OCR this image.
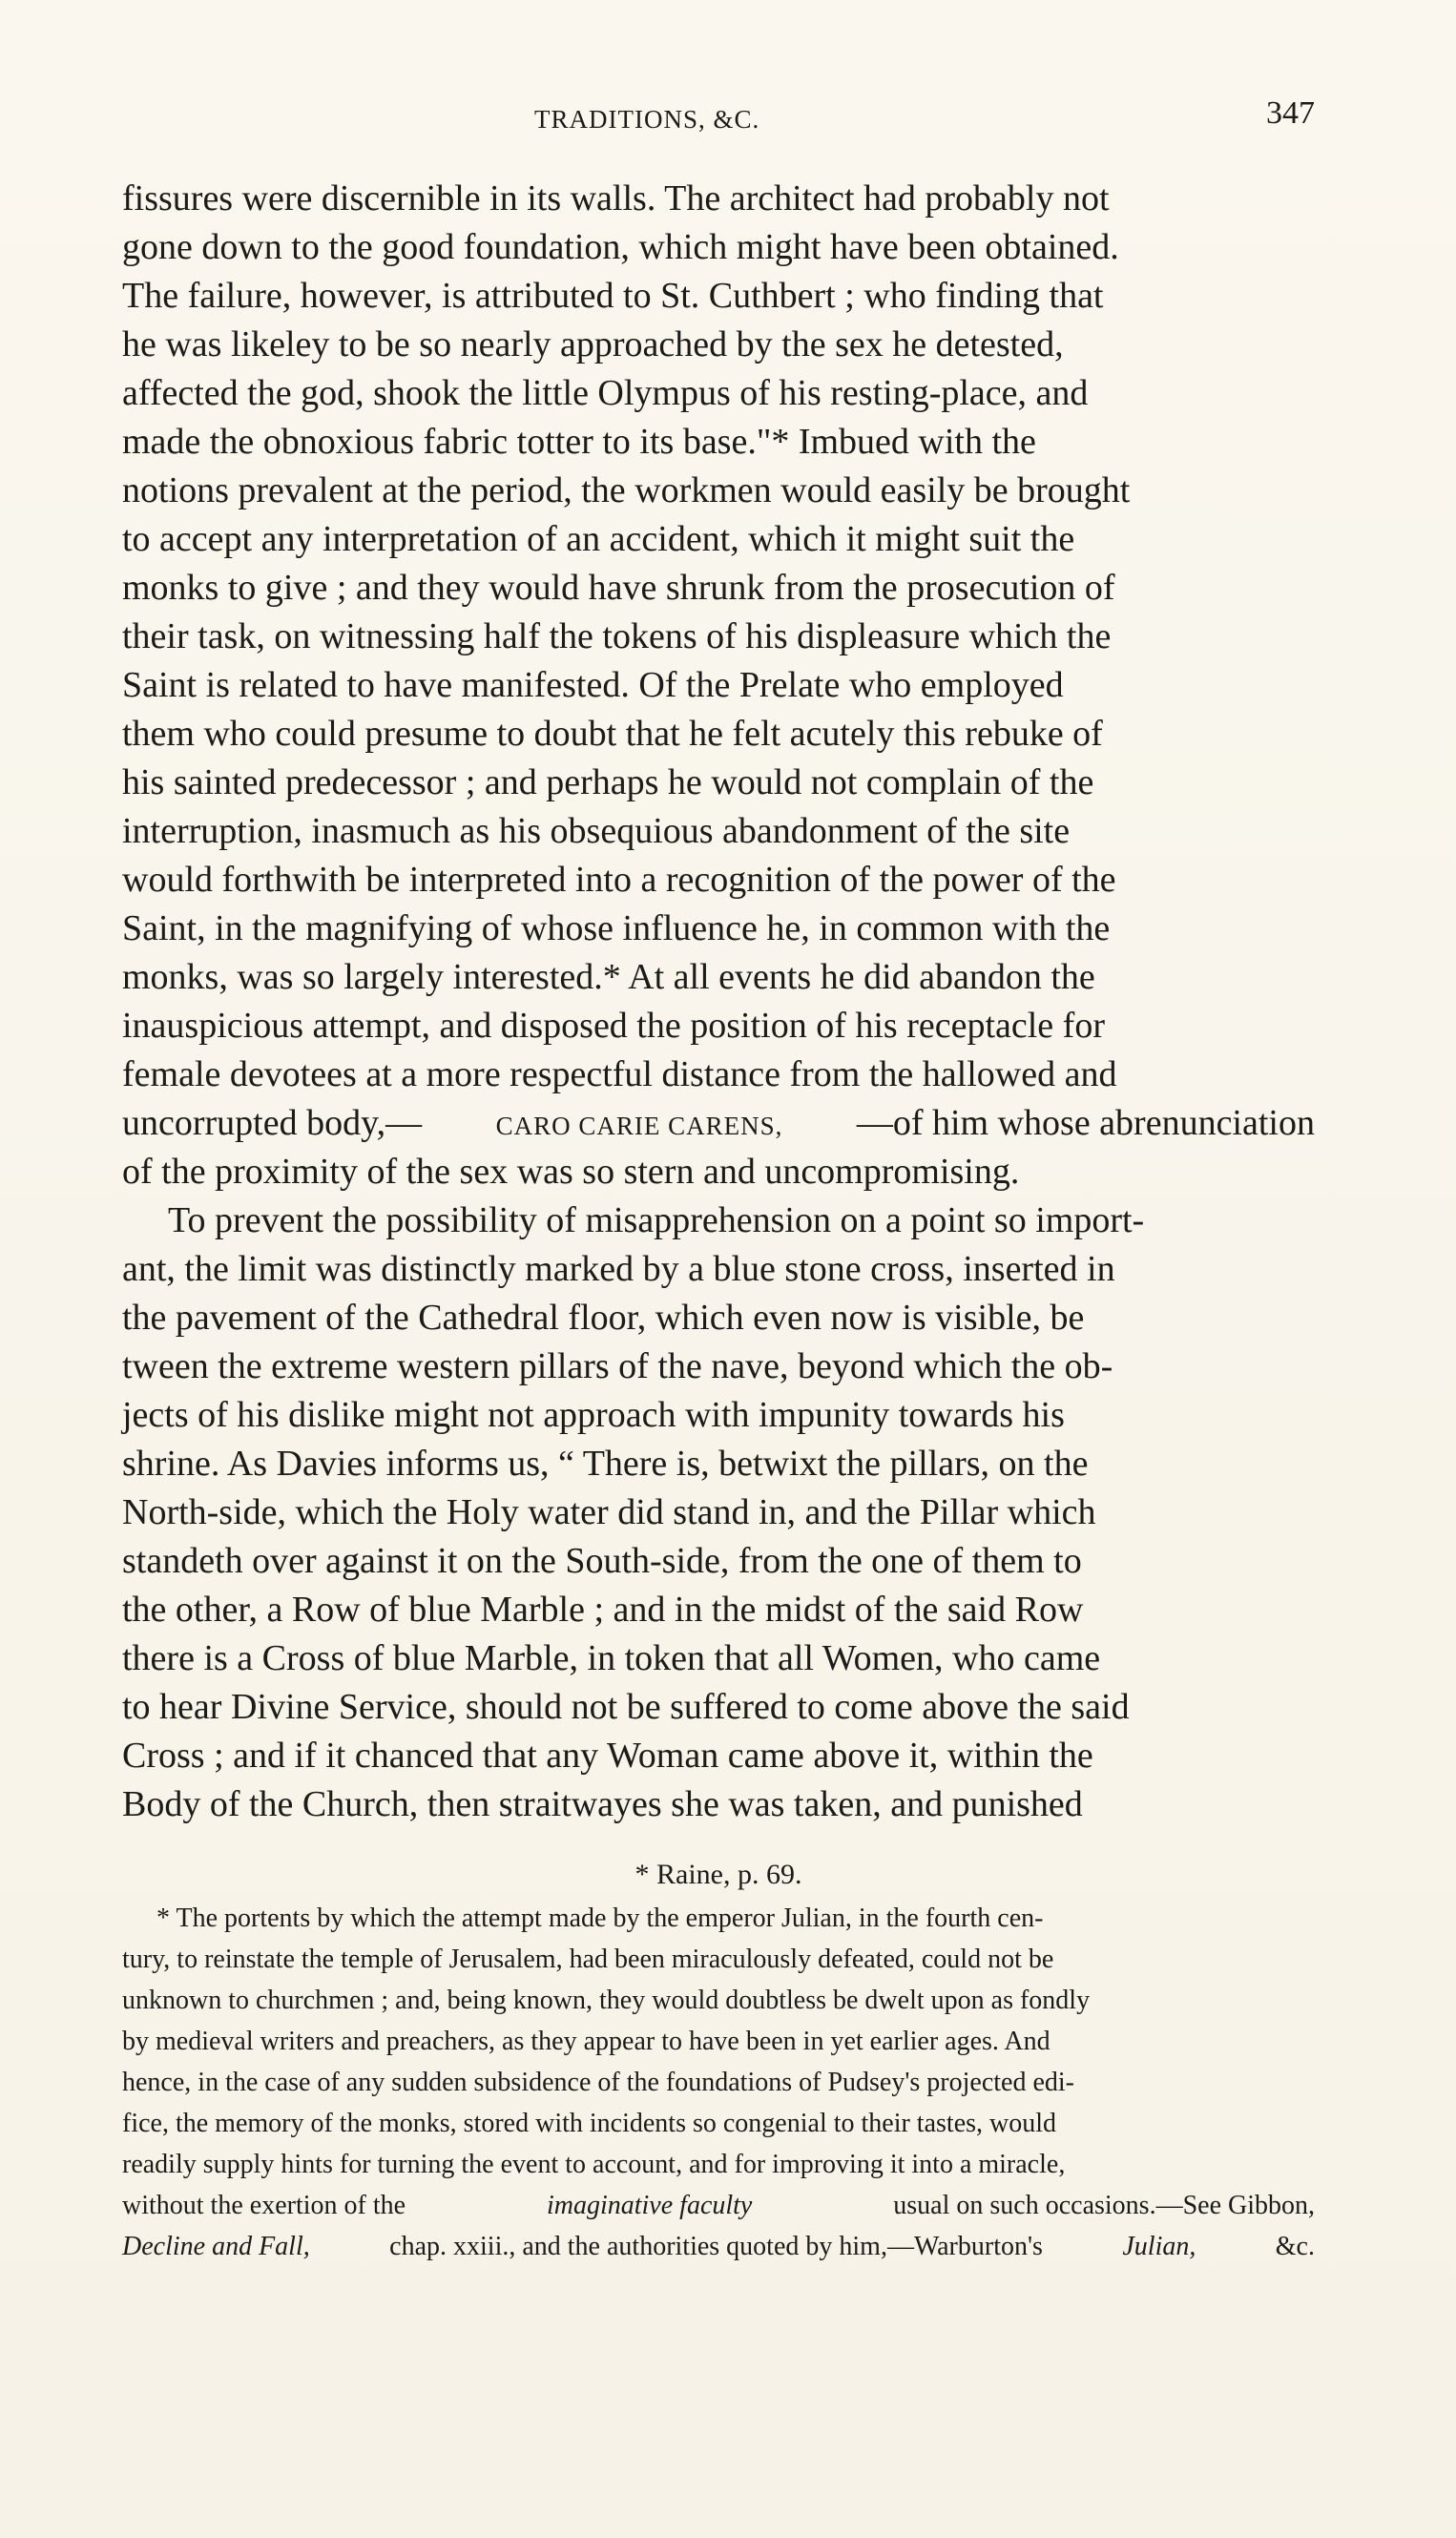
TRADITIONS, &C.	347
fissures were discernible in its walls. The architect had probably not
gone down to the good foundation, which might have been obtained.
The failure, however, is attributed to St. Cuthbert ; who finding that
he was likeley to be so nearly approached by the sex he detested,
affected the god, shook the little Olympus of his resting-place, and
made the obnoxious fabric totter to its base."* Imbued with the
notions prevalent at the period, the workmen would easily be brought
to accept any interpretation of an accident, which it might suit the
monks to give ; and they would have shrunk from the prosecution of
their task, on witnessing half the tokens of his displeasure which the
Saint is related to have manifested. Of the Prelate who employed
them who could presume to doubt that he felt acutely this rebuke of
his sainted predecessor ; and perhaps he would not complain of the
interruption, inasmuch as his obsequious abandonment of the site
would forthwith be interpreted into a recognition of the power of the
Saint, in the magnifying of whose influence he, in common with the
monks, was so largely interested.* At all events he did abandon the
inauspicious attempt, and disposed the position of his receptacle for
female devotees at a more respectful distance from the hallowed and
uncorrupted body,—	CARO CARIE CARENS, —of him whose abrenunciation
of the proximity of the sex was so stern and uncompromising.
To prevent the possibility of misapprehension on a point so import-
ant, the limit was distinctly marked by a blue stone cross, inserted in
the pavement of the Cathedral floor, which even now is visible, be
tween the extreme western pillars of the nave, beyond which the ob-
jects of his dislike might not approach with impunity towards his
shrine. As Davies informs us, “ There is, betwixt the pillars, on the
North-side, which the Holy water did stand in, and the Pillar which
standeth over against it on the South-side, from the one of them to
the other, a Row of blue Marble ; and in the midst of the said Row
there is a Cross of blue Marble, in token that all Women, who came
to hear Divine Service, should not be suffered to come above the said
Cross ; and if it chanced that any Woman came above it, within the
Body of the Church, then straitwayes she was taken, and punished
* Raine, p. 69.
* The portents by which the attempt made by the emperor Julian, in the fourth cen-
tury, to reinstate the temple of Jerusalem, had been miraculously defeated, could not be
unknown to churchmen ; and, being known, they would doubtless be dwelt upon as fondly
by medieval writers and preachers, as they appear to have been in yet earlier ages. And
hence, in the case of any sudden subsidence of the foundations of Pudsey's projected edi-
fice, the memory of the monks, stored with incidents so congenial to their tastes, would
readily supply hints for turning the event to account, and for improving it into a miracle,
without the exertion of the	imaginative faculty	usual on such occasions.—See Gibbon,
Decline and Fall,	chap. xxiii., and the authorities quoted by him,—Warburton's	Julian,	&c.
